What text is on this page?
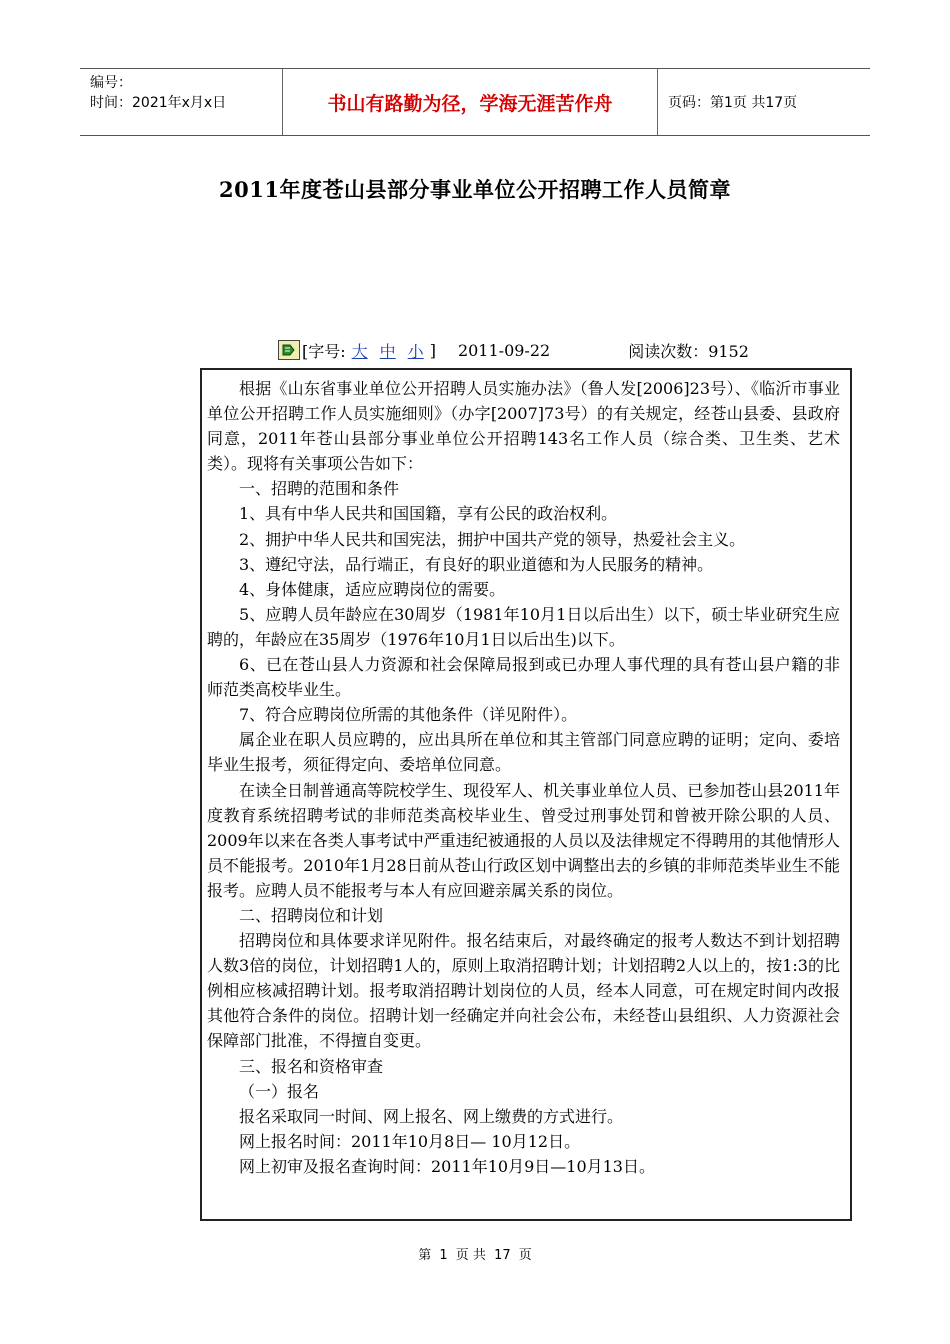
编号：
时间：2021年x月x日	书山有路勤为径，学海无涯苦作舟	页码：第1页 共17页
2011年度苍山县部分事业单位公开招聘工作人员简章
[字号: 大 中 小 ] 2011-09-22	阅读次数：9152

根据《山东省事业单位公开招聘人员实施办法》（鲁人发[2006]23号）、《临沂市事业单位公开招聘工作人员实施细则》（办字[2007]73号）的有关规定，经苍山县委、县政府同意，2011年苍山县部分事业单位公开招聘143名工作人员（综合类、卫生类、艺术类）。现将有关事项公告如下：

一、招聘的范围和条件

1、具有中华人民共和国国籍，享有公民的政治权利。

2、拥护中华人民共和国宪法，拥护中国共产党的领导，热爱社会主义。

3、遵纪守法，品行端正，有良好的职业道德和为人民服务的精神。

4、身体健康，适应应聘岗位的需要。

5、应聘人员年龄应在30周岁（1981年10月1日以后出生）以下，硕士毕业研究生应聘的，年龄应在35周岁（1976年10月1日以后出生)以下。

6、已在苍山县人力资源和社会保障局报到或已办理人事代理的具有苍山县户籍的非师范类高校毕业生。

7、符合应聘岗位所需的其他条件（详见附件）。

属企业在职人员应聘的，应出具所在单位和其主管部门同意应聘的证明；定向、委培毕业生报考，须征得定向、委培单位同意。

在读全日制普通高等院校学生、现役军人、机关事业单位人员、已参加苍山县2011年度教育系统招聘考试的非师范类高校毕业生、曾受过刑事处罚和曾被开除公职的人员、2009年以来在各类人事考试中严重违纪被通报的人员以及法律规定不得聘用的其他情形人员不能报考。2010年1月28日前从苍山行政区划中调整出去的乡镇的非师范类毕业生不能报考。应聘人员不能报考与本人有应回避亲属关系的岗位。

二、招聘岗位和计划

招聘岗位和具体要求详见附件。报名结束后，对最终确定的报考人数达不到计划招聘人数3倍的岗位，计划招聘1人的，原则上取消招聘计划；计划招聘2人以上的，按1:3的比例相应核减招聘计划。报考取消招聘计划岗位的人员，经本人同意，可在规定时间内改报其他符合条件的岗位。招聘计划一经确定并向社会公布，未经苍山县组织、人力资源社会保障部门批准，不得擅自变更。

三、报名和资格审查

（一）报名

报名采取同一时间、网上报名、网上缴费的方式进行。

网上报名时间：2011年10月8日— 10月12日。

网上初审及报名查询时间：2011年10月9日—10月13日。

第 1 页 共 17 页
